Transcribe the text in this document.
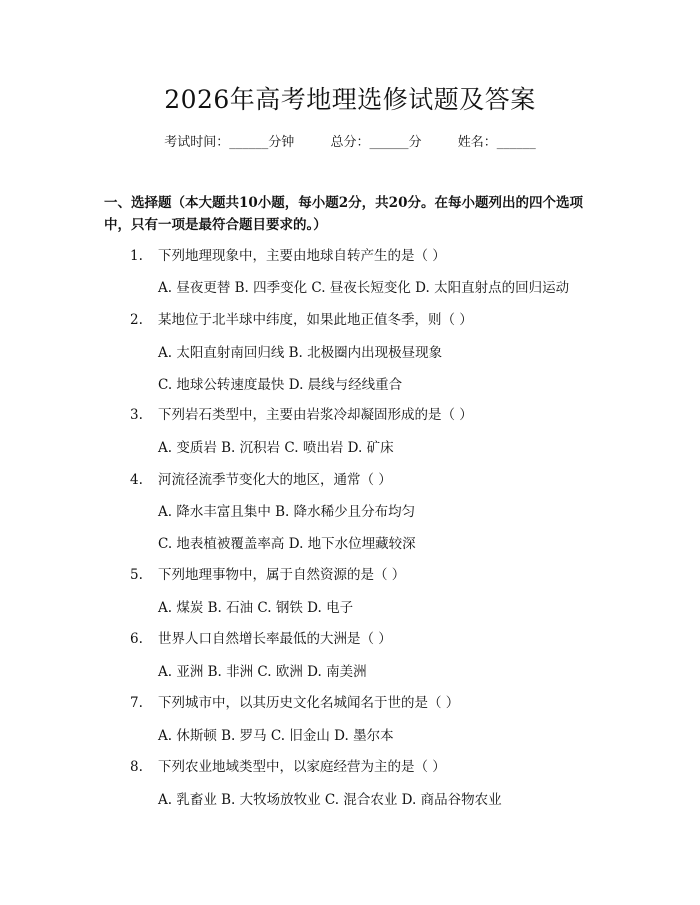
2026年高考地理选修试题及答案
考试时间：______分钟	总分：______分	姓名：______
一、选择题（本大题共10小题，每小题2分，共20分。在每小题列出的四个选项中，只有一项是最符合题目要求的。）
1. 下列地理现象中，主要由地球自转产生的是（ ）
A. 昼夜更替 B. 四季变化 C. 昼夜长短变化 D. 太阳直射点的回归运动
2. 某地位于北半球中纬度，如果此地正值冬季，则（ ）
A. 太阳直射南回归线 B. 北极圈内出现极昼现象
C. 地球公转速度最快 D. 晨线与经线重合
3. 下列岩石类型中，主要由岩浆冷却凝固形成的是（ ）
A. 变质岩 B. 沉积岩 C. 喷出岩 D. 矿床
4. 河流径流季节变化大的地区，通常（ ）
A. 降水丰富且集中 B. 降水稀少且分布均匀
C. 地表植被覆盖率高 D. 地下水位埋藏较深
5. 下列地理事物中，属于自然资源的是（ ）
A. 煤炭 B. 石油 C. 钢铁 D. 电子
6. 世界人口自然增长率最低的大洲是（ ）
A. 亚洲 B. 非洲 C. 欧洲 D. 南美洲
7. 下列城市中，以其历史文化名城闻名于世的是（ ）
A. 休斯顿 B. 罗马 C. 旧金山 D. 墨尔本
8. 下列农业地域类型中，以家庭经营为主的是（ ）
A. 乳畜业 B. 大牧场放牧业 C. 混合农业 D. 商品谷物农业
